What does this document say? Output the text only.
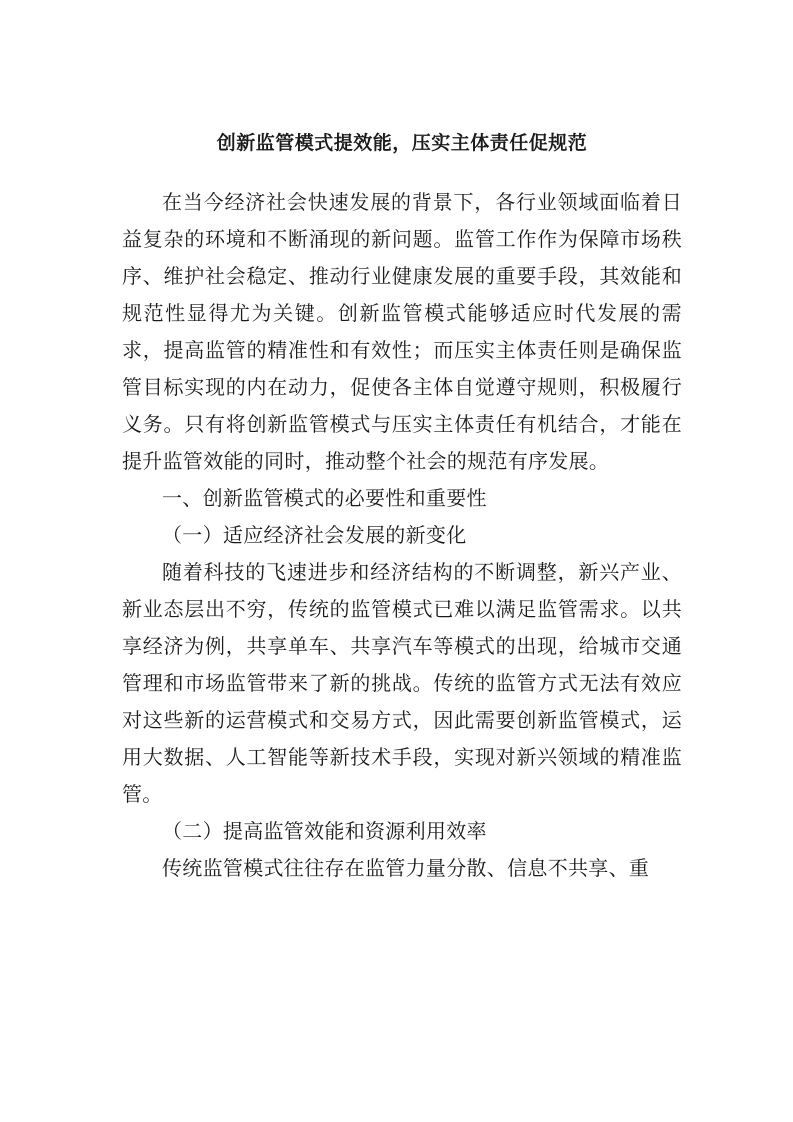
创新监管模式提效能，压实主体责任促规范

在当今经济社会快速发展的背景下，各行业领域面临着日益复杂的环境和不断涌现的新问题。监管工作作为保障市场秩序、维护社会稳定、推动行业健康发展的重要手段，其效能和规范性显得尤为关键。创新监管模式能够适应时代发展的需求，提高监管的精准性和有效性；而压实主体责任则是确保监管目标实现的内在动力，促使各主体自觉遵守规则，积极履行义务。只有将创新监管模式与压实主体责任有机结合，才能在提升监管效能的同时，推动整个社会的规范有序发展。

一、创新监管模式的必要性和重要性

（一）适应经济社会发展的新变化

随着科技的飞速进步和经济结构的不断调整，新兴产业、新业态层出不穷，传统的监管模式已难以满足监管需求。以共享经济为例，共享单车、共享汽车等模式的出现，给城市交通管理和市场监管带来了新的挑战。传统的监管方式无法有效应对这些新的运营模式和交易方式，因此需要创新监管模式，运用大数据、人工智能等新技术手段，实现对新兴领域的精准监管。

（二）提高监管效能和资源利用效率

传统监管模式往往存在监管力量分散、信息不共享、重
